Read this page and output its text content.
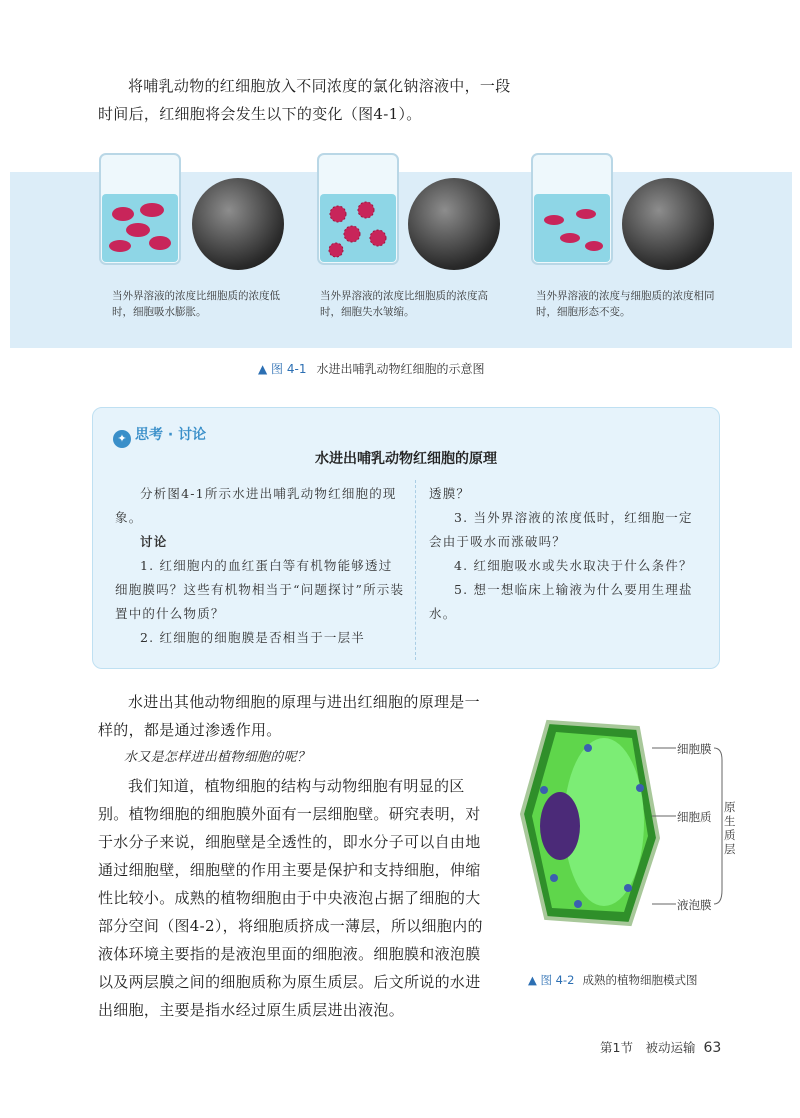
将哺乳动物的红细胞放入不同浓度的氯化钠溶液中，一段时间后，红细胞将会发生以下的变化（图4-1）。
当外界溶液的浓度比细胞质的浓度低时，细胞吸水膨胀。
当外界溶液的浓度比细胞质的浓度高时，细胞失水皱缩。
当外界溶液的浓度与细胞质的浓度相同时，细胞形态不变。
▲ 图 4-1 水进出哺乳动物红细胞的示意图
✦ 思考 · 讨论
水进出哺乳动物红细胞的原理

分析图4-1所示水进出哺乳动物红细胞的现象。

讨论

1. 红细胞内的血红蛋白等有机物能够透过细胞膜吗？这些有机物相当于“问题探讨”所示装置中的什么物质？

2. 红细胞的细胞膜是否相当于一层半

透膜？

3. 当外界溶液的浓度低时，红细胞一定会由于吸水而涨破吗？

4. 红细胞吸水或失水取决于什么条件？

5. 想一想临床上输液为什么要用生理盐水。

水进出其他动物细胞的原理与进出红细胞的原理是一样的，都是通过渗透作用。

水又是怎样进出植物细胞的呢？

我们知道，植物细胞的结构与动物细胞有明显的区别。植物细胞的细胞膜外面有一层细胞壁。研究表明，对于水分子来说，细胞壁是全透性的，即水分子可以自由地通过细胞壁，细胞壁的作用主要是保护和支持细胞，伸缩性比较小。成熟的植物细胞由于中央液泡占据了细胞的大部分空间（图4-2），将细胞质挤成一薄层，所以细胞内的液体环境主要指的是液泡里面的细胞液。细胞膜和液泡膜以及两层膜之间的细胞质称为原生质层。后文所说的水进出细胞，主要是指水经过原生质层进出液泡。

细胞膜
细胞质
液泡膜
原生质层
▲ 图 4-2 成熟的植物细胞模式图
第1节　被动运输 63
